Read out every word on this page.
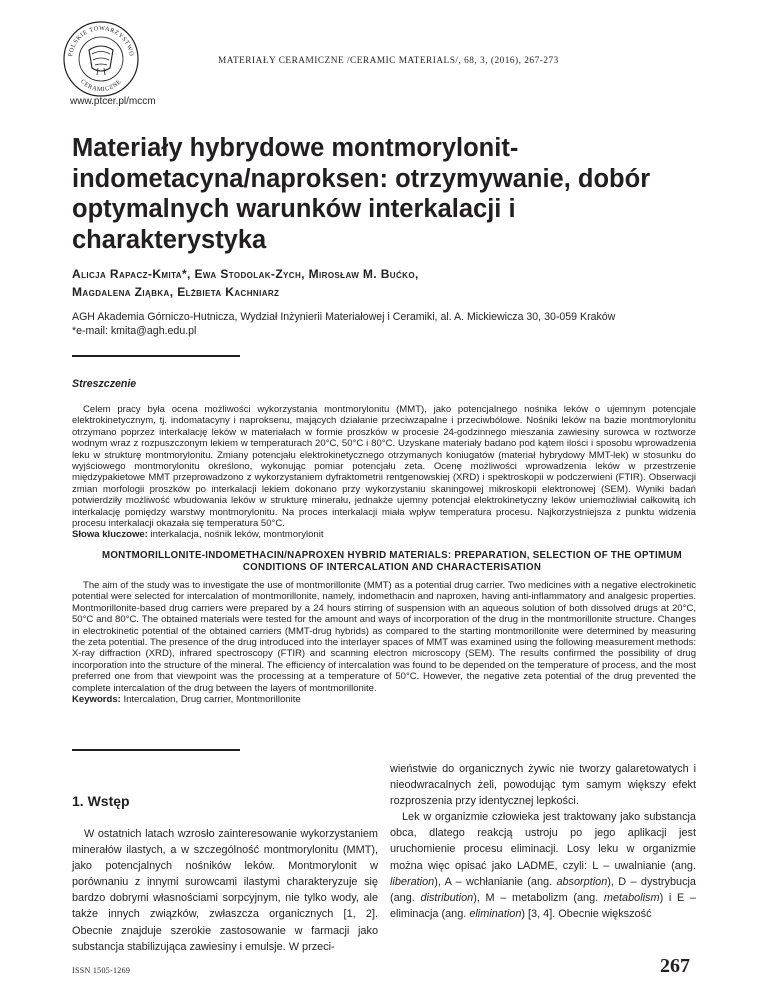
POLSKIE TOWARZYSTWO
CERAMICZNE
MATERIAŁY CERAMICZNE /CERAMIC MATERIALS/, 68, 3, (2016), 267-273
www.ptcer.pl/mccm
Materiały hybrydowe montmorylonit-indometacyna/naproksen: otrzymywanie, dobór optymalnych warunków interkalacji i charakterystyka
Alicja Rapacz-Kmita*, Ewa Stodolak-Zych, Mirosław M. Bućko,
Magdalena Ziąbka, Elżbieta Kachniarz
AGH Akademia Górniczo-Hutnicza, Wydział Inżynierii Materiałowej i Ceramiki, al. A. Mickiewicza 30, 30-059 Kraków
*e-mail: kmita@agh.edu.pl
Streszczenie

Celem pracy była ocena możliwości wykorzystania montmorylonitu (MMT), jako potencjalnego nośnika leków o ujemnym potencjale elektrokinetycznym, tj. indomatacyny i naproksenu, mających działanie przeciwzapalne i przeciwbólowe. Nośniki leków na bazie montmorylonitu otrzymano poprzez interkalację leków w materiałach w formie proszków w procesie 24-godzinnego mieszania zawiesiny surowca w roztworze wodnym wraz z rozpuszczonym lekiem w temperaturach 20°C, 50°C i 80°C. Uzyskane materiały badano pod kątem ilości i sposobu wprowadzenia leku w strukturę montmorylonitu. Zmiany potencjału elektrokinetycznego otrzymanych koniugatów (materiał hybrydowy MMT-lek) w stosunku do wyjściowego montmorylonitu określono, wykonując pomiar potencjału zeta. Ocenę możliwości wprowadzenia leków w przestrzenie międzypakietowe MMT przeprowadzono z wykorzystaniem dyfraktometrii rentgenowskiej (XRD) i spektroskopii w podczerwieni (FTIR). Obserwacji zmian morfologii proszków po interkalacji lekiem dokonano przy wykorzystaniu skaningowej mikroskopii elektronowej (SEM). Wyniki badań potwierdziły możliwość wbudowania leków w strukturę minerału, jednakże ujemny potencjał elektrokinetyczny leków uniemożliwiał całkowitą ich interkalację pomiędzy warstwy montmorylonitu. Na proces interkalacji miała wpływ temperatura procesu. Najkorzystniejsza z punktu widzenia procesu interkalacji okazała się temperatura 50°C.

Słowa kluczowe: interkalacja, nośnik leków, montmorylonit

MONTMORILLONITE-INDOMETHACIN/NAPROXEN HYBRID MATERIALS: PREPARATION, SELECTION OF THE OPTIMUM CONDITIONS OF INTERCALATION AND CHARACTERISATION

The aim of the study was to investigate the use of montmorillonite (MMT) as a potential drug carrier. Two medicines with a negative electrokinetic potential were selected for intercalation of montmorillonite, namely, indomethacin and naproxen, having anti-inflammatory and analgesic properties. Montmorillonite-based drug carriers were prepared by a 24 hours stirring of suspension with an aqueous solution of both dissolved drugs at 20°C, 50°C and 80°C. The obtained materials were tested for the amount and ways of incorporation of the drug in the montmorillonite structure. Changes in electrokinetic potential of the obtained carriers (MMT-drug hybrids) as compared to the starting montmorillonite were determined by measuring the zeta potential. The presence of the drug introduced into the interlayer spaces of MMT was examined using the following measurement methods: X-ray diffraction (XRD), infrared spectroscopy (FTIR) and scanning electron microscopy (SEM). The results confirmed the possibility of drug incorporation into the structure of the mineral. The efficiency of intercalation was found to be depended on the temperature of process, and the most preferred one from that viewpoint was the processing at a temperature of 50°C. However, the negative zeta potential of the drug prevented the complete intercalation of the drug between the layers of montmorillonite.

Keywords: Intercalation, Drug carrier, Montmorillonite

1. Wstęp

W ostatnich latach wzrosło zainteresowanie wykorzystaniem minerałów ilastych, a w szczególność montmorylonitu (MMT), jako potencjalnych nośników leków. Montmorylonit w porównaniu z innymi surowcami ilastymi charakteryzuje się bardzo dobrymi własnościami sorpcyjnym, nie tylko wody, ale także innych związków, zwłaszcza organicznych [1, 2]. Obecnie znajduje szerokie zastosowanie w farmacji jako substancja stabilizująca zawiesiny i emulsje. W przeci-

wieństwie do organicznych żywic nie tworzy galaretowatych i nieodwracalnych żeli, powodując tym samym większy efekt rozproszenia przy identycznej lepkości.

Lek w organizmie człowieka jest traktowany jako substancja obca, dlatego reakcją ustroju po jego aplikacji jest uruchomienie procesu eliminacji. Losy leku w organizmie można więc opisać jako LADME, czyli: L – uwalnianie (ang. liberation), A – wchłanianie (ang. absorption), D – dystrybucja (ang. distribution), M – metabolizm (ang. metabolism) i E – eliminacja (ang. elimination) [3, 4]. Obecnie większość

ISSN 1505-1269	267
